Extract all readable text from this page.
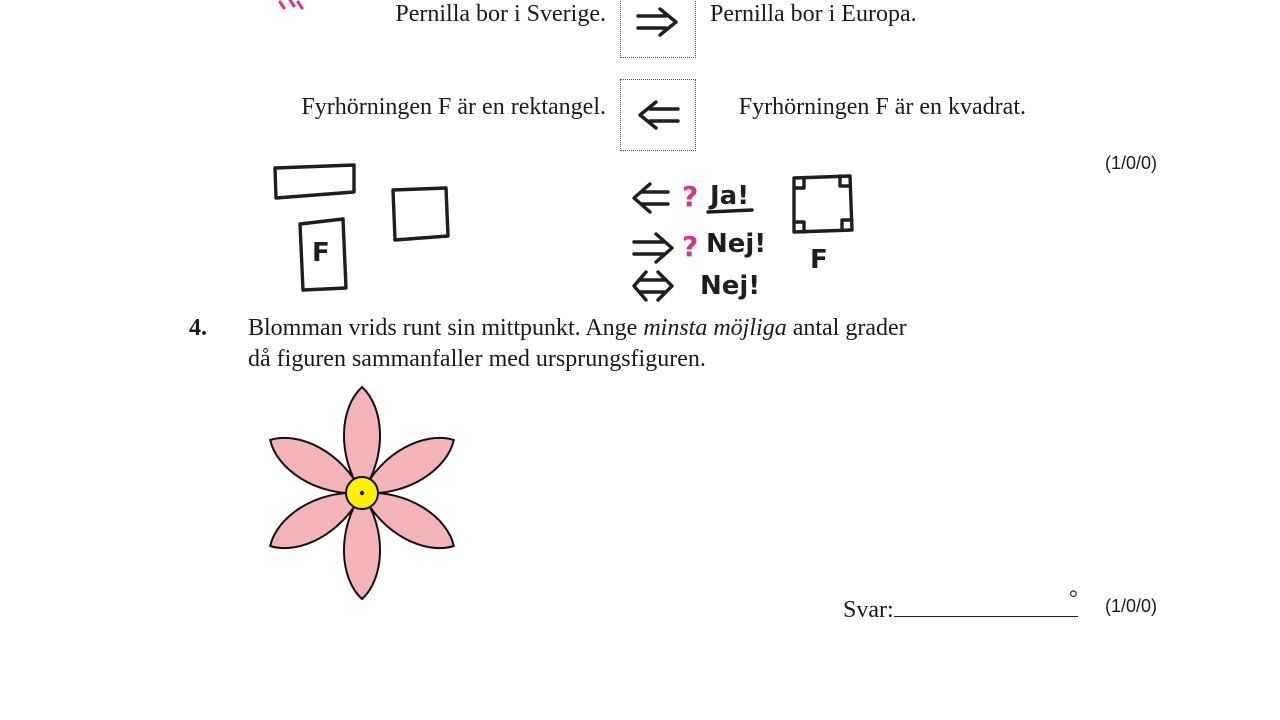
Pernilla bor i Sverige.	Pernilla bor i Europa.
Fyrhörningen F är en rektangel.	Fyrhörningen F är en kvadrat.
(1/0/0)
F
?
?
Ja!
Nej!
Nej!
F
4. Blomman vrids runt sin mittpunkt. Ange minsta möjliga antal grader
då figuren sammanfaller med ursprungsfiguren.
Svar:	° (1/0/0)
